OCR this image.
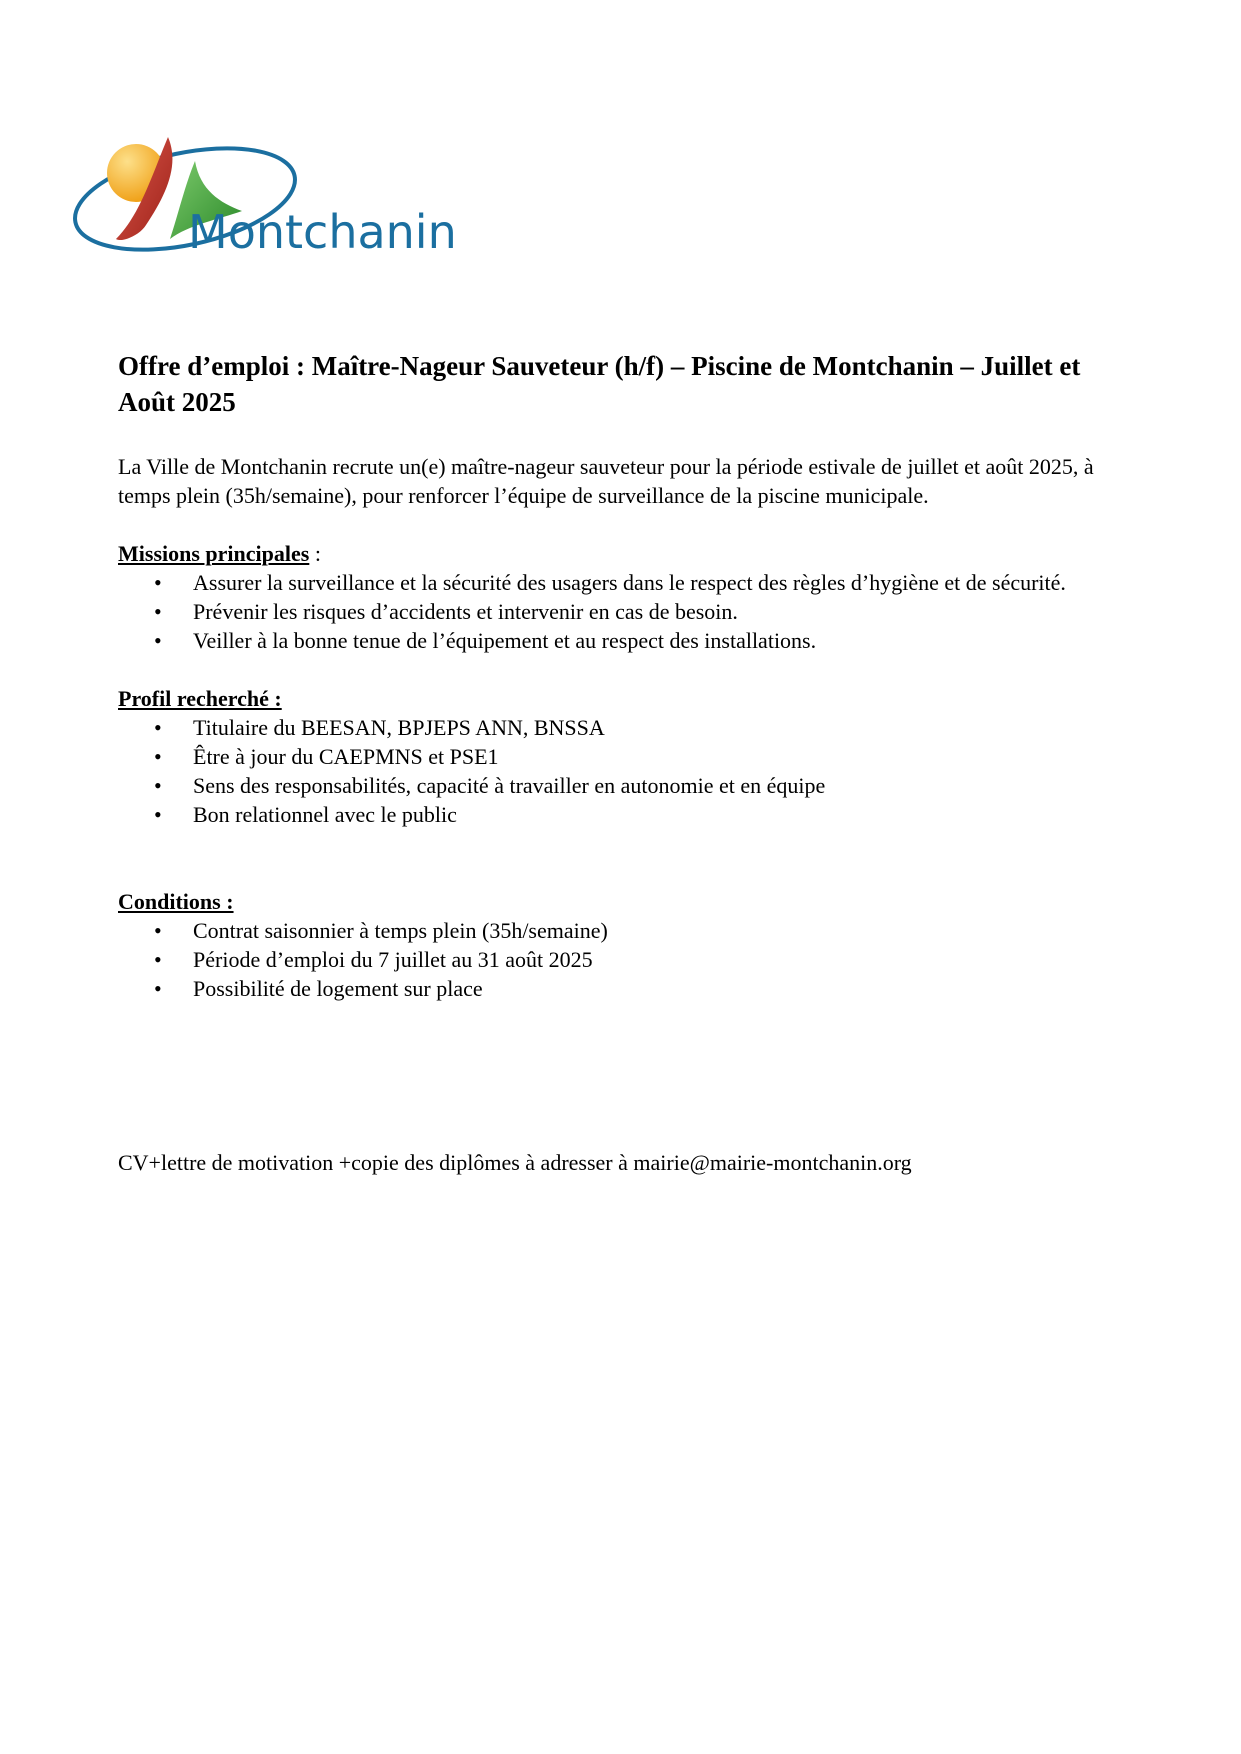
Montchanin
Offre d’emploi : Maître-Nageur Sauveteur (h/f) – Piscine de Montchanin – Juillet et Août 2025

La Ville de Montchanin recrute un(e) maître-nageur sauveteur pour la période estivale de juillet et août 2025, à temps plein (35h/semaine), pour renforcer l’équipe de surveillance de la piscine municipale.

Missions principales :

• Assurer la surveillance et la sécurité des usagers dans le respect des règles d’hygiène et de sécurité.
• Prévenir les risques d’accidents et intervenir en cas de besoin.
• Veiller à la bonne tenue de l’équipement et au respect des installations.

Profil recherché :

• Titulaire du BEESAN, BPJEPS ANN, BNSSA
• Être à jour du CAEPMNS et PSE1
• Sens des responsabilités, capacité à travailler en autonomie et en équipe
• Bon relationnel avec le public

Conditions :

• Contrat saisonnier à temps plein (35h/semaine)
• Période d’emploi du 7 juillet au 31 août 2025
• Possibilité de logement sur place

CV+lettre de motivation +copie des diplômes à adresser à mairie@mairie-montchanin.org
